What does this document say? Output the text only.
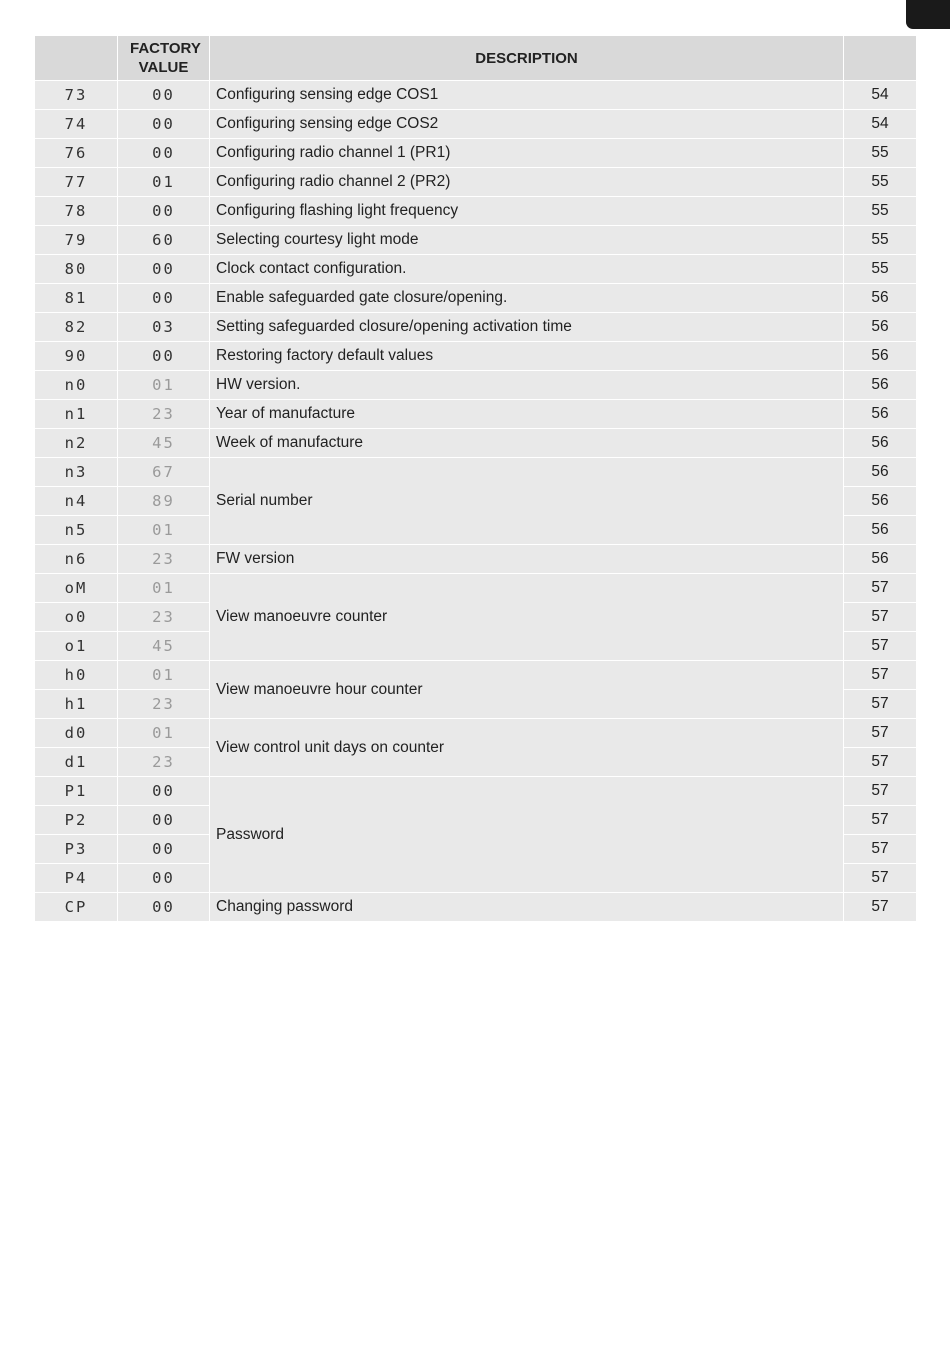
	FACTORY VALUE	DESCRIPTION	
73	00	Configuring sensing edge COS1	54
74	00	Configuring sensing edge COS2	54
76	00	Configuring radio channel 1 (PR1)	55
77	01	Configuring radio channel 2 (PR2)	55
78	00	Configuring flashing light frequency	55
79	60	Selecting courtesy light mode	55
80	00	Clock contact configuration.	55
81	00	Enable safeguarded gate closure/opening.	56
82	03	Setting safeguarded closure/opening activation time	56
90	00	Restoring factory default values	56
n0	01	HW version.	56
n1	23	Year of manufacture	56
n2	45	Week of manufacture	56
n3	67	Serial number	56
n4	89		56
n5	01		56
n6	23	FW version	56
oM	01	View manoeuvre counter	57
o0	23		57
o1	45		57
h0	01	View manoeuvre hour counter	57
h1	23		57
d0	01	View control unit days on counter	57
d1	23		57
P1	00	Password	57
P2	00		57
P3	00		57
P4	00		57
CP	00	Changing password	57
